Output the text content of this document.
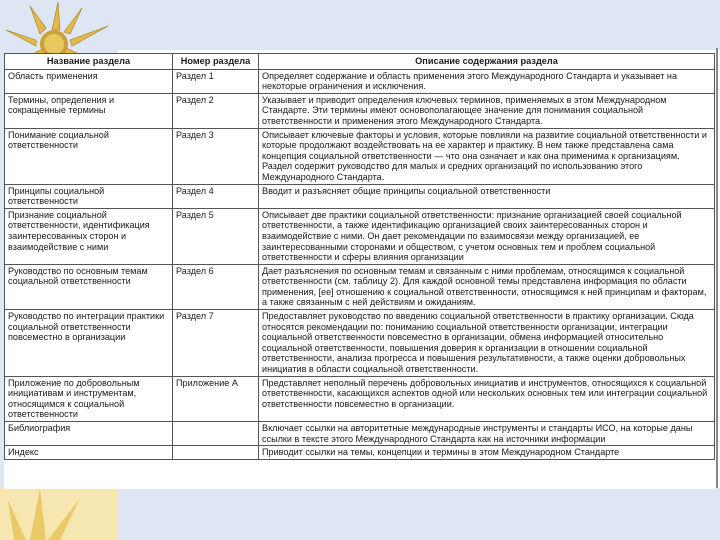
Название раздела	Номер раздела	Описание содержания раздела
Область применения	Раздел 1	Определяет содержание и область применения этого Международного Стандарта и указывает на некоторые ограничения и исключения.
Термины, определения и сокращенные термины	Раздел 2	Указывает и приводит определения ключевых терминов, применяемых в этом Международном Стандарте. Эти термины имеют основополагающее значение для понимания социальной ответственности и применения этого Международного Стандарта.
Понимание социальной ответственности	Раздел 3	Описывает ключевые факторы и условия, которые повлияли на развитие социальной ответственности и которые продолжают воздействовать на ее характер и практику. В нем также представлена сама концепция социальной ответственности — что она означает и как она применима к организациям. Раздел содержит руководство для малых и средних организаций по использованию этого Международного Стандарта.
Принципы социальной ответственности	Раздел 4	Вводит и разъясняет общие принципы социальной ответственности
Признание социальной ответственности, идентификация заинтересованных сторон и взаимодействие с ними	Раздел 5	Описывает две практики социальной ответственности: признание организацией своей социальной ответственности, а также идентификацию организацией своих заинтересованных сторон и взаимодействие с ними. Он дает рекомендации по взаимосвязи между организацией, ее заинтересованными сторонами и обществом, с учетом основных тем и проблем социальной ответственности и сферы влияния организации
Руководство по основным темам социальной ответственности	Раздел 6	Дает разъяснения по основным темам и связанным с ними проблемам, относящимся к социальной ответственности (см. таблицу 2). Для каждой основной темы представлена информация по области применения, [ее] отношению к социальной ответственности, относящимся к ней принципам и факторам, а также связанным с ней действиям и ожиданиям.
Руководство по интеграции практики социальной ответственности повсеместно в организации	Раздел 7	Предоставляет руководство по введению социальной ответственности в практику организации. Сюда относятся рекомендации по: пониманию социальной ответственности организации, интеграции социальной ответственности повсеместно в организации, обмена информацией относительно социальной ответственности, повышения доверия к организации в отношении социальной ответственности, анализа прогресса и повышения результативности, а также оценки добровольных инициатив в области социальной ответственности.
Приложение по добровольным инициативам и инструментам, относящимся к социальной ответственности	Приложение А	Представляет неполный перечень добровольных инициатив и инструментов, относящихся к социальной ответственности, касающихся аспектов одной или нескольких основных тем или интеграции социальной ответственности повсеместно в организации.
Библиография		Включает ссылки на авторитетные международные инструменты и стандарты ИСО, на которые даны ссылки в тексте этого Международного Стандарта как на источники информации
Индекс		Приводит ссылки на темы, концепции и термины в этом Международном Стандарте
